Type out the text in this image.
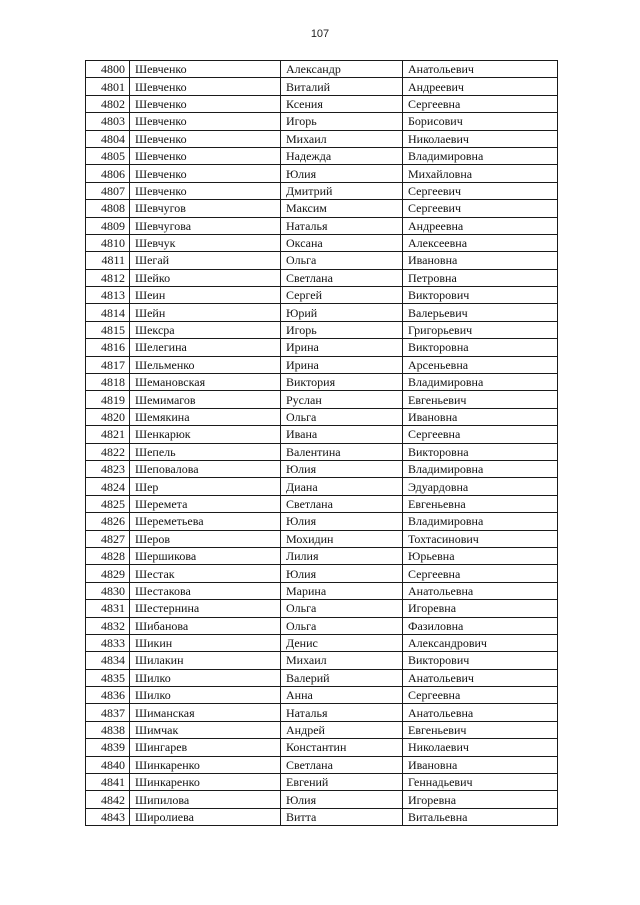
107
4800	Шевченко	Александр	Анатольевич
4801	Шевченко	Виталий	Андреевич
4802	Шевченко	Ксения	Сергеевна
4803	Шевченко	Игорь	Борисович
4804	Шевченко	Михаил	Николаевич
4805	Шевченко	Надежда	Владимировна
4806	Шевченко	Юлия	Михайловна
4807	Шевченко	Дмитрий	Сергеевич
4808	Шевчугов	Максим	Сергеевич
4809	Шевчугова	Наталья	Андреевна
4810	Шевчук	Оксана	Алексеевна
4811	Шегай	Ольга	Ивановна
4812	Шейко	Светлана	Петровна
4813	Шеин	Сергей	Викторович
4814	Шейн	Юрий	Валерьевич
4815	Шексра	Игорь	Григорьевич
4816	Шелегина	Ирина	Викторовна
4817	Шельменко	Ирина	Арсеньевна
4818	Шемановская	Виктория	Владимировна
4819	Шемимагов	Руслан	Евгеньевич
4820	Шемякина	Ольга	Ивановна
4821	Шенкарюк	Ивана	Сергеевна
4822	Шепель	Валентина	Викторовна
4823	Шеповалова	Юлия	Владимировна
4824	Шер	Диана	Эдуардовна
4825	Шеремета	Светлана	Евгеньевна
4826	Шереметьева	Юлия	Владимировна
4827	Шеров	Мохидин	Тохтасинович
4828	Шершикова	Лилия	Юрьевна
4829	Шестак	Юлия	Сергеевна
4830	Шестакова	Марина	Анатольевна
4831	Шестернина	Ольга	Игоревна
4832	Шибанова	Ольга	Фазиловна
4833	Шикин	Денис	Александрович
4834	Шилакин	Михаил	Викторович
4835	Шилко	Валерий	Анатольевич
4836	Шилко	Анна	Сергеевна
4837	Шиманская	Наталья	Анатольевна
4838	Шимчак	Андрей	Евгеньевич
4839	Шингарев	Константин	Николаевич
4840	Шинкаренко	Светлана	Ивановна
4841	Шинкаренко	Евгений	Геннадьевич
4842	Шипилова	Юлия	Игоревна
4843	Широлиева	Витта	Витальевна
